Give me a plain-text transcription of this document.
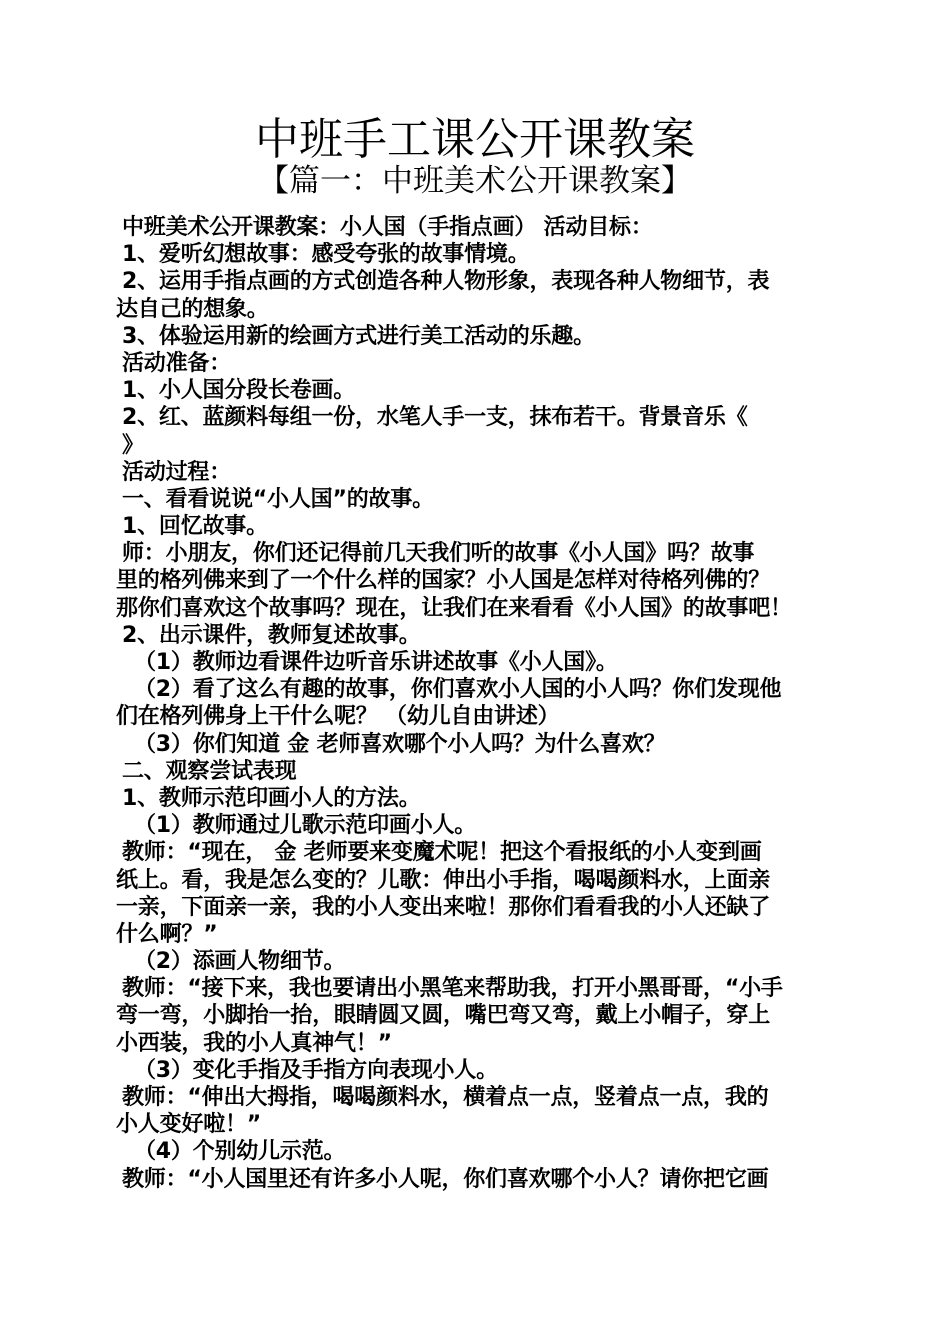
中班手工课公开课教案
【篇一：中班美术公开课教案】
中班美术公开课教案：小人国（手指点画） 活动目标：
1、爱听幻想故事：感受夸张的故事情境。
2、运用手指点画的方式创造各种人物形象，表现各种人物细节，表
达自己的想象。
3、体验运用新的绘画方式进行美工活动的乐趣。
活动准备：
1、小人国分段长卷画。
2、红、蓝颜料每组一份，水笔人手一支，抹布若干。背景音乐《
》
活动过程：
一、看看说说“小人国”的故事。
1、回忆故事。
师：小朋友，你们还记得前几天我们听的故事《小人国》吗？故事
里的格列佛来到了一个什么样的国家？小人国是怎样对待格列佛的？
那你们喜欢这个故事吗？现在，让我们在来看看《小人国》的故事吧！
2、出示课件，教师复述故事。
（1）教师边看课件边听音乐讲述故事《小人国》。
（2）看了这么有趣的故事，你们喜欢小人国的小人吗？你们发现他
们在格列佛身上干什么呢？ （幼儿自由讲述）
（3）你们知道 金 老师喜欢哪个小人吗？为什么喜欢？
二、观察尝试表现
1、教师示范印画小人的方法。
（1）教师通过儿歌示范印画小人。
教师：“现在， 金 老师要来变魔术呢！把这个看报纸的小人变到画
纸上。看，我是怎么变的？儿歌：伸出小手指，喝喝颜料水，上面亲
一亲，下面亲一亲，我的小人变出来啦！那你们看看我的小人还缺了
什么啊？”
（2）添画人物细节。
教师：“接下来，我也要请出小黑笔来帮助我，打开小黑哥哥，“小手
弯一弯，小脚抬一抬，眼睛圆又圆，嘴巴弯又弯，戴上小帽子，穿上
小西装，我的小人真神气！”
（3）变化手指及手指方向表现小人。
教师：“伸出大拇指，喝喝颜料水，横着点一点，竖着点一点，我的
小人变好啦！”
（4）个别幼儿示范。
教师：“小人国里还有许多小人呢，你们喜欢哪个小人？请你把它画
